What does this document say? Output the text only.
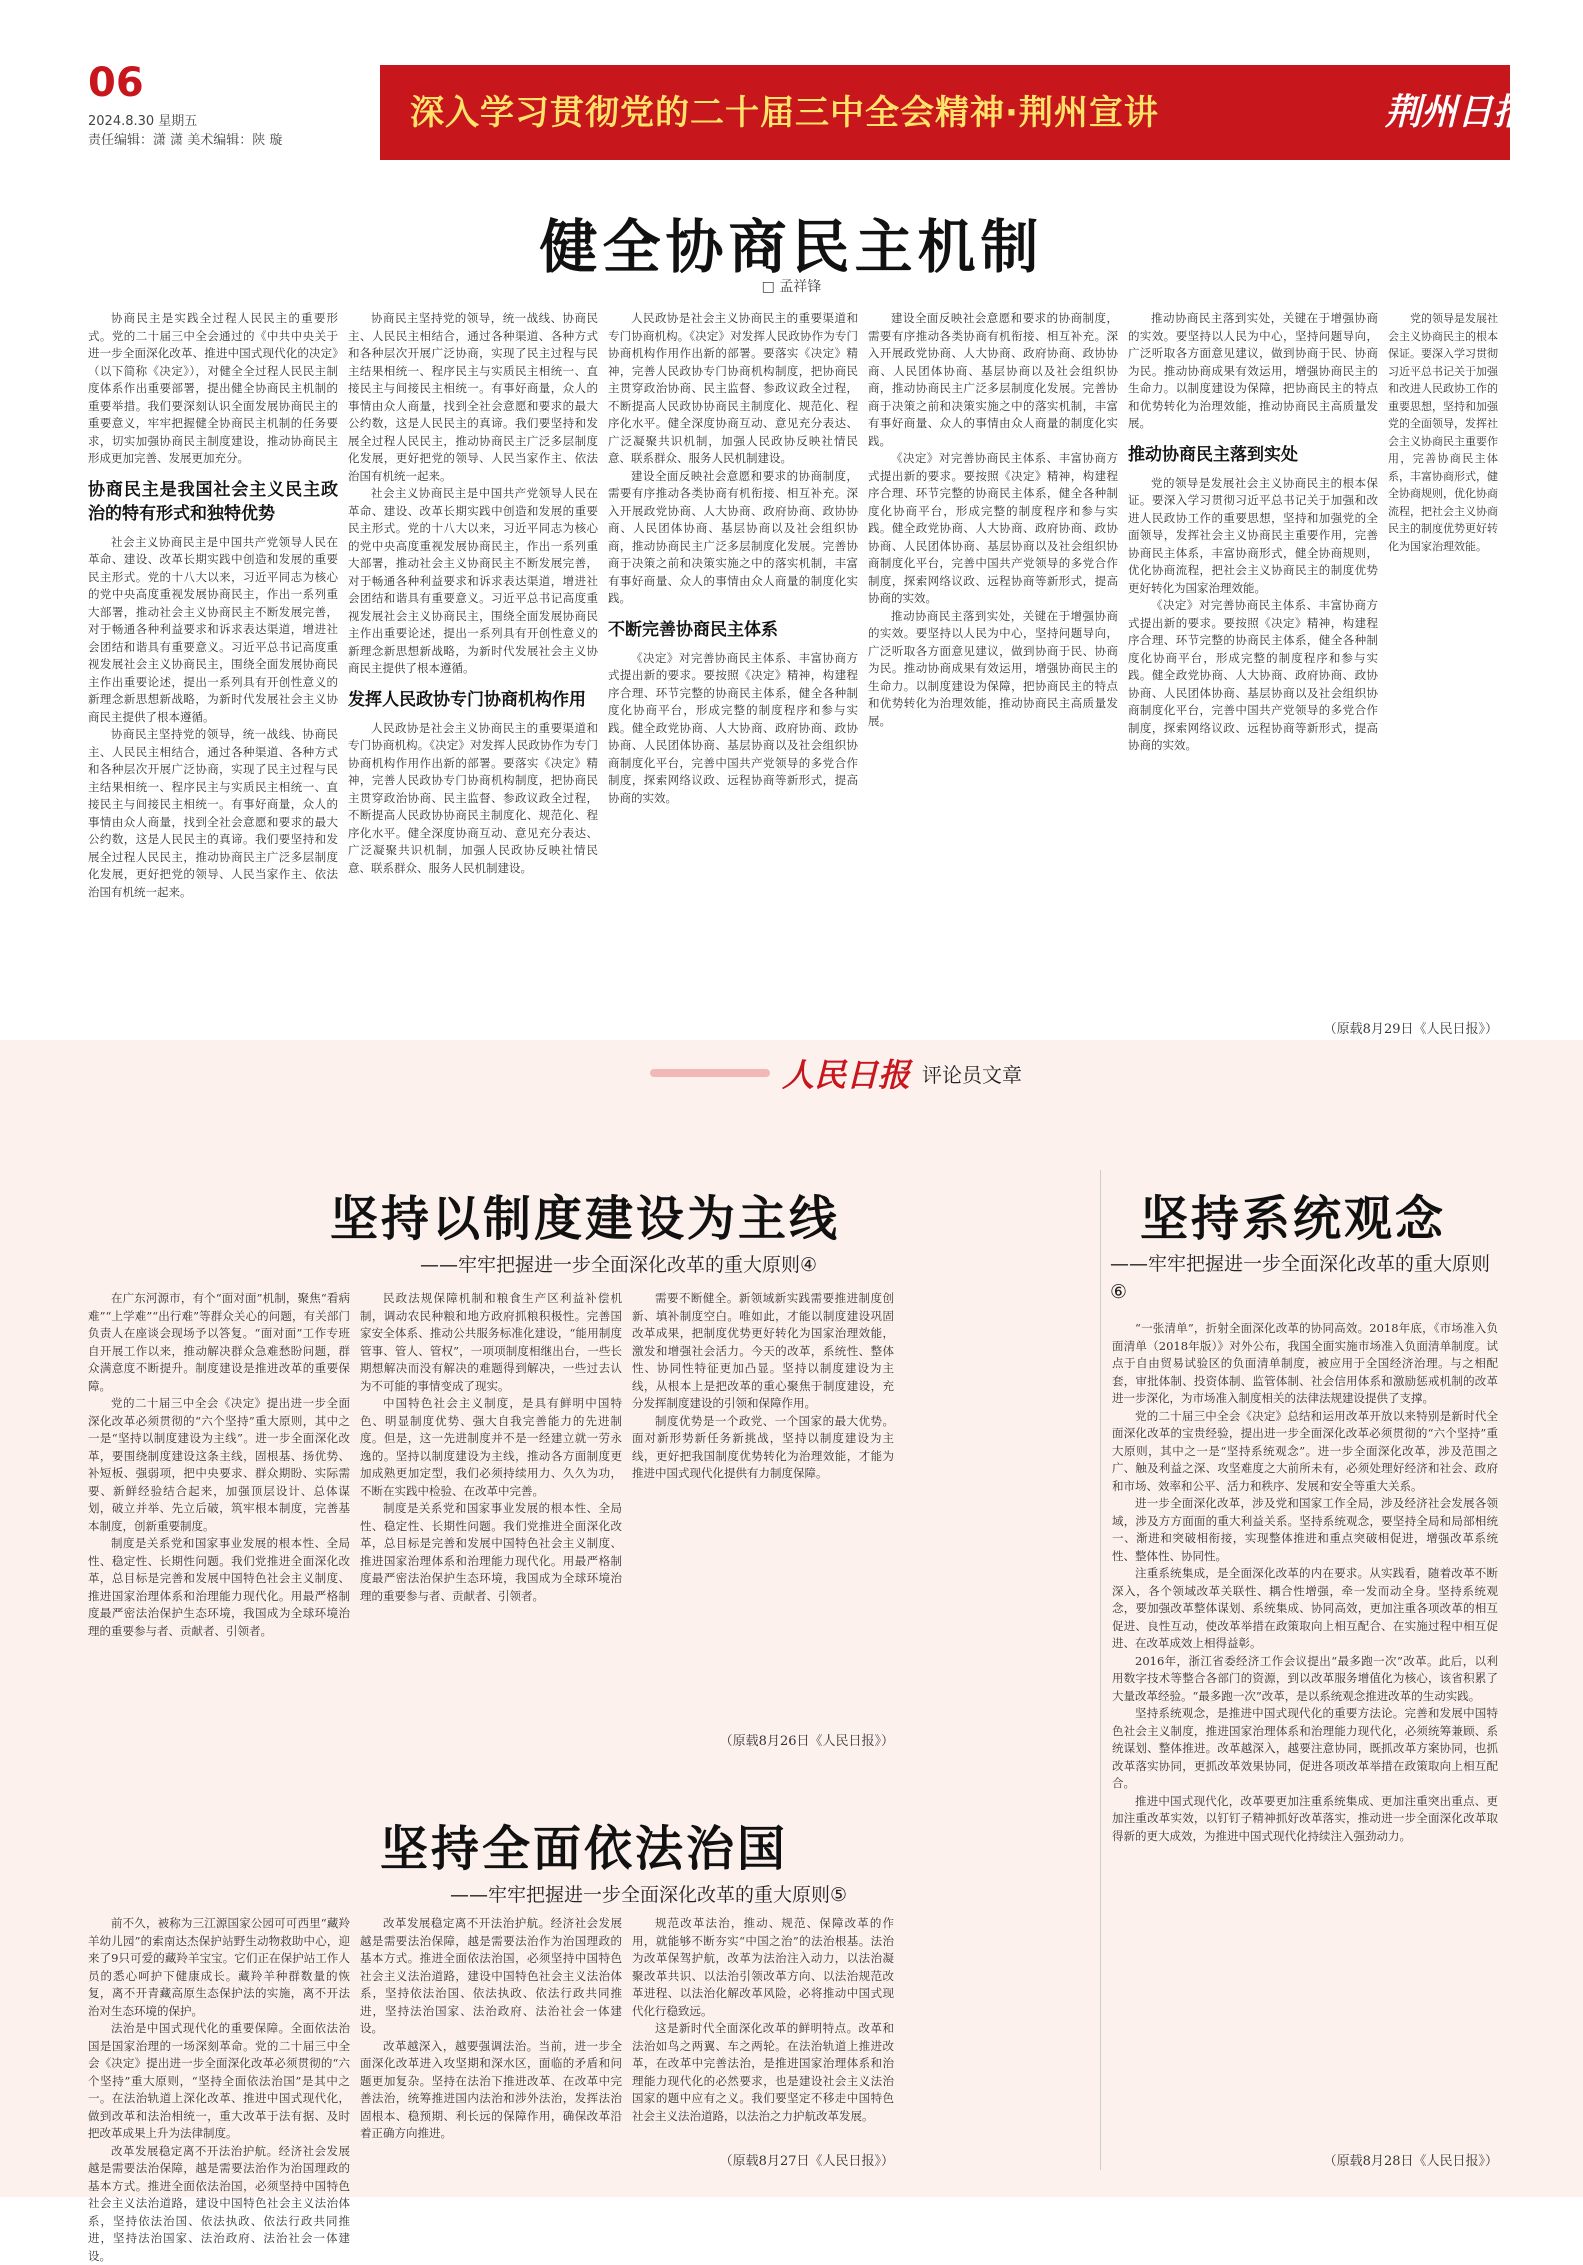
06
2024.8.30 星期五
责任编辑：潇 潇 美术编辑：陕 璇
深入学习贯彻党的二十届三中全会精神·荆州宣讲	荆州日报
健全协商民主机制
□ 孟祥锋

协商民主是实践全过程人民民主的重要形式。党的二十届三中全会通过的《中共中央关于进一步全面深化改革、推进中国式现代化的决定》（以下简称《决定》），对健全全过程人民民主制度体系作出重要部署，提出健全协商民主机制的重要举措。我们要深刻认识全面发展协商民主的重要意义，牢牢把握健全协商民主机制的任务要求，切实加强协商民主制度建设，推动协商民主形成更加完善、发展更加充分。

协商民主是我国社会主义民主政治的特有形式和独特优势

社会主义协商民主是中国共产党领导人民在革命、建设、改革长期实践中创造和发展的重要民主形式。党的十八大以来，习近平同志为核心的党中央高度重视发展协商民主，作出一系列重大部署，推动社会主义协商民主不断发展完善，对于畅通各种利益要求和诉求表达渠道，增进社会团结和谐具有重要意义。习近平总书记高度重视发展社会主义协商民主，围绕全面发展协商民主作出重要论述，提出一系列具有开创性意义的新理念新思想新战略，为新时代发展社会主义协商民主提供了根本遵循。

协商民主坚持党的领导，统一战线、协商民主、人民民主相结合，通过各种渠道、各种方式和各种层次开展广泛协商，实现了民主过程与民主结果相统一、程序民主与实质民主相统一、直接民主与间接民主相统一。有事好商量，众人的事情由众人商量，找到全社会意愿和要求的最大公约数，这是人民民主的真谛。我们要坚持和发展全过程人民民主，推动协商民主广泛多层制度化发展，更好把党的领导、人民当家作主、依法治国有机统一起来。

协商民主坚持党的领导，统一战线、协商民主、人民民主相结合，通过各种渠道、各种方式和各种层次开展广泛协商，实现了民主过程与民主结果相统一、程序民主与实质民主相统一、直接民主与间接民主相统一。有事好商量，众人的事情由众人商量，找到全社会意愿和要求的最大公约数，这是人民民主的真谛。我们要坚持和发展全过程人民民主，推动协商民主广泛多层制度化发展，更好把党的领导、人民当家作主、依法治国有机统一起来。

社会主义协商民主是中国共产党领导人民在革命、建设、改革长期实践中创造和发展的重要民主形式。党的十八大以来，习近平同志为核心的党中央高度重视发展协商民主，作出一系列重大部署，推动社会主义协商民主不断发展完善，对于畅通各种利益要求和诉求表达渠道，增进社会团结和谐具有重要意义。习近平总书记高度重视发展社会主义协商民主，围绕全面发展协商民主作出重要论述，提出一系列具有开创性意义的新理念新思想新战略，为新时代发展社会主义协商民主提供了根本遵循。

发挥人民政协专门协商机构作用

人民政协是社会主义协商民主的重要渠道和专门协商机构。《决定》对发挥人民政协作为专门协商机构作用作出新的部署。要落实《决定》精神，完善人民政协专门协商机构制度，把协商民主贯穿政治协商、民主监督、参政议政全过程，不断提高人民政协协商民主制度化、规范化、程序化水平。健全深度协商互动、意见充分表达、广泛凝聚共识机制，加强人民政协反映社情民意、联系群众、服务人民机制建设。

人民政协是社会主义协商民主的重要渠道和专门协商机构。《决定》对发挥人民政协作为专门协商机构作用作出新的部署。要落实《决定》精神，完善人民政协专门协商机构制度，把协商民主贯穿政治协商、民主监督、参政议政全过程，不断提高人民政协协商民主制度化、规范化、程序化水平。健全深度协商互动、意见充分表达、广泛凝聚共识机制，加强人民政协反映社情民意、联系群众、服务人民机制建设。

建设全面反映社会意愿和要求的协商制度，需要有序推动各类协商有机衔接、相互补充。深入开展政党协商、人大协商、政府协商、政协协商、人民团体协商、基层协商以及社会组织协商，推动协商民主广泛多层制度化发展。完善协商于决策之前和决策实施之中的落实机制，丰富有事好商量、众人的事情由众人商量的制度化实践。

不断完善协商民主体系

《决定》对完善协商民主体系、丰富协商方式提出新的要求。要按照《决定》精神，构建程序合理、环节完整的协商民主体系，健全各种制度化协商平台，形成完整的制度程序和参与实践。健全政党协商、人大协商、政府协商、政协协商、人民团体协商、基层协商以及社会组织协商制度化平台，完善中国共产党领导的多党合作制度，探索网络议政、远程协商等新形式，提高协商的实效。

建设全面反映社会意愿和要求的协商制度，需要有序推动各类协商有机衔接、相互补充。深入开展政党协商、人大协商、政府协商、政协协商、人民团体协商、基层协商以及社会组织协商，推动协商民主广泛多层制度化发展。完善协商于决策之前和决策实施之中的落实机制，丰富有事好商量、众人的事情由众人商量的制度化实践。

《决定》对完善协商民主体系、丰富协商方式提出新的要求。要按照《决定》精神，构建程序合理、环节完整的协商民主体系，健全各种制度化协商平台，形成完整的制度程序和参与实践。健全政党协商、人大协商、政府协商、政协协商、人民团体协商、基层协商以及社会组织协商制度化平台，完善中国共产党领导的多党合作制度，探索网络议政、远程协商等新形式，提高协商的实效。

推动协商民主落到实处，关键在于增强协商的实效。要坚持以人民为中心，坚持问题导向，广泛听取各方面意见建议，做到协商于民、协商为民。推动协商成果有效运用，增强协商民主的生命力。以制度建设为保障，把协商民主的特点和优势转化为治理效能，推动协商民主高质量发展。

推动协商民主落到实处，关键在于增强协商的实效。要坚持以人民为中心，坚持问题导向，广泛听取各方面意见建议，做到协商于民、协商为民。推动协商成果有效运用，增强协商民主的生命力。以制度建设为保障，把协商民主的特点和优势转化为治理效能，推动协商民主高质量发展。

推动协商民主落到实处

党的领导是发展社会主义协商民主的根本保证。要深入学习贯彻习近平总书记关于加强和改进人民政协工作的重要思想，坚持和加强党的全面领导，发挥社会主义协商民主重要作用，完善协商民主体系，丰富协商形式，健全协商规则，优化协商流程，把社会主义协商民主的制度优势更好转化为国家治理效能。

《决定》对完善协商民主体系、丰富协商方式提出新的要求。要按照《决定》精神，构建程序合理、环节完整的协商民主体系，健全各种制度化协商平台，形成完整的制度程序和参与实践。健全政党协商、人大协商、政府协商、政协协商、人民团体协商、基层协商以及社会组织协商制度化平台，完善中国共产党领导的多党合作制度，探索网络议政、远程协商等新形式，提高协商的实效。

党的领导是发展社会主义协商民主的根本保证。要深入学习贯彻习近平总书记关于加强和改进人民政协工作的重要思想，坚持和加强党的全面领导，发挥社会主义协商民主重要作用，完善协商民主体系，丰富协商形式，健全协商规则，优化协商流程，把社会主义协商民主的制度优势更好转化为国家治理效能。

（原载8月29日《人民日报》）
人民日报 评论员文章
坚持以制度建设为主线
——牢牢把握进一步全面深化改革的重大原则④

在广东河源市，有个“面对面”机制，聚焦“看病难”“上学难”“出行难”等群众关心的问题，有关部门负责人在座谈会现场予以答复。“面对面”工作专班自开展工作以来，推动解决群众急难愁盼问题，群众满意度不断提升。制度建设是推进改革的重要保障。

党的二十届三中全会《决定》提出进一步全面深化改革必须贯彻的“六个坚持”重大原则，其中之一是“坚持以制度建设为主线”。进一步全面深化改革，要围绕制度建设这条主线，固根基、扬优势、补短板、强弱项，把中央要求、群众期盼、实际需要、新鲜经验结合起来，加强顶层设计、总体谋划，破立并举、先立后破，筑牢根本制度，完善基本制度，创新重要制度。

制度是关系党和国家事业发展的根本性、全局性、稳定性、长期性问题。我们党推进全面深化改革，总目标是完善和发展中国特色社会主义制度、推进国家治理体系和治理能力现代化。用最严格制度最严密法治保护生态环境，我国成为全球环境治理的重要参与者、贡献者、引领者。

民政法规保障机制和粮食生产区利益补偿机制，调动农民种粮和地方政府抓粮积极性。完善国家安全体系、推动公共服务标准化建设，“能用制度管事、管人、管权”，一项项制度相继出台，一些长期想解决而没有解决的难题得到解决，一些过去认为不可能的事情变成了现实。

中国特色社会主义制度，是具有鲜明中国特色、明显制度优势、强大自我完善能力的先进制度。但是，这一先进制度并不是一经建立就一劳永逸的。坚持以制度建设为主线，推动各方面制度更加成熟更加定型，我们必须持续用力、久久为功，不断在实践中检验、在改革中完善。

制度是关系党和国家事业发展的根本性、全局性、稳定性、长期性问题。我们党推进全面深化改革，总目标是完善和发展中国特色社会主义制度、推进国家治理体系和治理能力现代化。用最严格制度最严密法治保护生态环境，我国成为全球环境治理的重要参与者、贡献者、引领者。

需要不断健全。新领域新实践需要推进制度创新、填补制度空白。唯如此，才能以制度建设巩固改革成果，把制度优势更好转化为国家治理效能，激发和增强社会活力。今天的改革，系统性、整体性、协同性特征更加凸显。坚持以制度建设为主线，从根本上是把改革的重心聚焦于制度建设，充分发挥制度建设的引领和保障作用。

制度优势是一个政党、一个国家的最大优势。面对新形势新任务新挑战，坚持以制度建设为主线，更好把我国制度优势转化为治理效能，才能为推进中国式现代化提供有力制度保障。

（原载8月26日《人民日报》）
坚持全面依法治国
——牢牢把握进一步全面深化改革的重大原则⑤

前不久，被称为三江源国家公园可可西里“藏羚羊幼儿园”的索南达杰保护站野生动物救助中心，迎来了9只可爱的藏羚羊宝宝。它们正在保护站工作人员的悉心呵护下健康成长。藏羚羊种群数量的恢复，离不开青藏高原生态保护法的实施，离不开法治对生态环境的保护。

法治是中国式现代化的重要保障。全面依法治国是国家治理的一场深刻革命。党的二十届三中全会《决定》提出进一步全面深化改革必须贯彻的“六个坚持”重大原则，“坚持全面依法治国”是其中之一。在法治轨道上深化改革、推进中国式现代化，做到改革和法治相统一，重大改革于法有据、及时把改革成果上升为法律制度。

改革发展稳定离不开法治护航。经济社会发展越是需要法治保障，越是需要法治作为治国理政的基本方式。推进全面依法治国，必须坚持中国特色社会主义法治道路，建设中国特色社会主义法治体系，坚持依法治国、依法执政、依法行政共同推进，坚持法治国家、法治政府、法治社会一体建设。

改革发展稳定离不开法治护航。经济社会发展越是需要法治保障，越是需要法治作为治国理政的基本方式。推进全面依法治国，必须坚持中国特色社会主义法治道路，建设中国特色社会主义法治体系，坚持依法治国、依法执政、依法行政共同推进，坚持法治国家、法治政府、法治社会一体建设。

改革越深入，越要强调法治。当前，进一步全面深化改革进入攻坚期和深水区，面临的矛盾和问题更加复杂。坚持在法治下推进改革、在改革中完善法治，统筹推进国内法治和涉外法治，发挥法治固根本、稳预期、利长远的保障作用，确保改革沿着正确方向推进。

规范改革法治，推动、规范、保障改革的作用，就能够不断夯实“中国之治”的法治根基。法治为改革保驾护航，改革为法治注入动力，以法治凝聚改革共识、以法治引领改革方向、以法治规范改革进程、以法治化解改革风险，必将推动中国式现代化行稳致远。

这是新时代全面深化改革的鲜明特点。改革和法治如鸟之两翼、车之两轮。在法治轨道上推进改革，在改革中完善法治，是推进国家治理体系和治理能力现代化的必然要求，也是建设社会主义法治国家的题中应有之义。我们要坚定不移走中国特色社会主义法治道路，以法治之力护航改革发展。

（原载8月27日《人民日报》）
坚持系统观念
——牢牢把握进一步全面深化改革的重大原则⑥

“一张清单”，折射全面深化改革的协同高效。2018年底，《市场准入负面清单（2018年版）》对外公布，我国全面实施市场准入负面清单制度。试点于自由贸易试验区的负面清单制度，被应用于全国经济治理。与之相配套，审批体制、投资体制、监管体制、社会信用体系和激励惩戒机制的改革进一步深化，为市场准入制度相关的法律法规建设提供了支撑。

党的二十届三中全会《决定》总结和运用改革开放以来特别是新时代全面深化改革的宝贵经验，提出进一步全面深化改革必须贯彻的“六个坚持”重大原则，其中之一是“坚持系统观念”。进一步全面深化改革，涉及范围之广、触及利益之深、攻坚难度之大前所未有，必须处理好经济和社会、政府和市场、效率和公平、活力和秩序、发展和安全等重大关系。

进一步全面深化改革，涉及党和国家工作全局，涉及经济社会发展各领域，涉及方方面面的重大利益关系。坚持系统观念，要坚持全局和局部相统一、渐进和突破相衔接，实现整体推进和重点突破相促进，增强改革系统性、整体性、协同性。

注重系统集成，是全面深化改革的内在要求。从实践看，随着改革不断深入，各个领域改革关联性、耦合性增强，牵一发而动全身。坚持系统观念，要加强改革整体谋划、系统集成、协同高效，更加注重各项改革的相互促进、良性互动，使改革举措在政策取向上相互配合、在实施过程中相互促进、在改革成效上相得益彰。

2016年，浙江省委经济工作会议提出“最多跑一次”改革。此后，以利用数字技术等整合各部门的资源，到以改革服务增值化为核心，该省积累了大量改革经验。“最多跑一次”改革，是以系统观念推进改革的生动实践。

坚持系统观念，是推进中国式现代化的重要方法论。完善和发展中国特色社会主义制度，推进国家治理体系和治理能力现代化，必须统筹兼顾、系统谋划、整体推进。改革越深入，越要注意协同，既抓改革方案协同，也抓改革落实协同，更抓改革效果协同，促进各项改革举措在政策取向上相互配合。

推进中国式现代化，改革要更加注重系统集成、更加注重突出重点、更加注重改革实效，以钉钉子精神抓好改革落实，推动进一步全面深化改革取得新的更大成效，为推进中国式现代化持续注入强劲动力。

（原载8月28日《人民日报》）
